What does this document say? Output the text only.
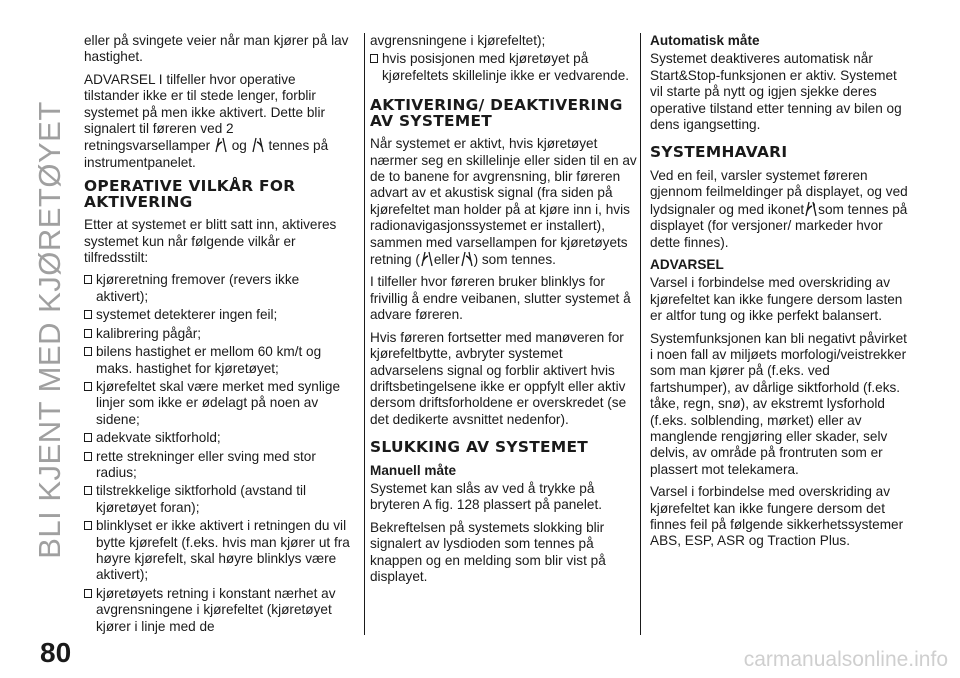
BLI KJENT MED KJØRETØYET
80

eller på svingete veier når man kjører på lav hastighet.

ADVARSEL I tilfeller hvor operative tilstander ikke er til stede lenger, forblir systemet på men ikke aktivert. Dette blir signalert til føreren ved 2 retningsvarsellamper og tennes på instrumentpanelet.

OPERATIVE VILKÅR FOR AKTIVERING

Etter at systemet er blitt satt inn, aktiveres systemet kun når følgende vilkår er tilfredsstilt:

kjøreretning fremover (revers ikke aktivert);
systemet detekterer ingen feil;
kalibrering pågår;
bilens hastighet er mellom 60 km/t og maks. hastighet for kjøretøyet;
kjørefeltet skal være merket med synlige linjer som ikke er ødelagt på noen av sidene;
adekvate siktforhold;
rette strekninger eller sving med stor radius;
tilstrekkelige siktforhold (avstand til kjøretøyet foran);
blinklyset er ikke aktivert i retningen du vil bytte kjørefelt (f.eks. hvis man kjører ut fra høyre kjørefelt, skal høyre blinklys være aktivert);
kjøretøyets retning i konstant nærhet av avgrensningene i kjørefeltet (kjøretøyet kjører i linje med de

avgrensningene i kjørefeltet);

hvis posisjonen med kjøretøyet på kjørefeltets skillelinje ikke er vedvarende.
AKTIVERING/ DEAKTIVERING AV SYSTEMET

Når systemet er aktivt, hvis kjøretøyet nærmer seg en skillelinje eller siden til en av de to banene for avgrensning, blir føreren advart av et akustisk signal (fra siden på kjørefeltet man holder på at kjøre inn i, hvis radionavigasjonssystemet er installert), sammen med varsellampen for kjøretøyets retning ( eller ) som tennes.

I tilfeller hvor føreren bruker blinklys for frivillig å endre veibanen, slutter systemet å advare føreren.

Hvis føreren fortsetter med manøveren for kjørefeltbytte, avbryter systemet advarselens signal og forblir aktivert hvis driftsbetingelsene ikke er oppfylt eller aktiv dersom driftsforholdene er overskredet (se det dedikerte avsnittet nedenfor).

SLUKKING AV SYSTEMET
Manuell måte

Systemet kan slås av ved å trykke på bryteren A fig. 128 plassert på panelet.

Bekreftelsen på systemets slokking blir signalert av lysdioden som tennes på knappen og en melding som blir vist på displayet.

Automatisk måte

Systemet deaktiveres automatisk når Start&Stop-funksjonen er aktiv. Systemet vil starte på nytt og igjen sjekke deres operative tilstand etter tenning av bilen og dens igangsetting.

SYSTEMHAVARI

Ved en feil, varsler systemet føreren gjennom feilmeldinger på displayet, og ved lydsignaler og med ikonet ! som tennes på displayet (for versjoner/ markeder hvor dette finnes).

ADVARSEL

Varsel i forbindelse med overskriding av kjørefeltet kan ikke fungere dersom lasten er altfor tung og ikke perfekt balansert.

Systemfunksjonen kan bli negativt påvirket i noen fall av miljøets morfologi/veistrekker som man kjører på (f.eks. ved fartshumper), av dårlige siktforhold (f.eks. tåke, regn, snø), av ekstremt lysforhold (f.eks. solblending, mørket) eller av manglende rengjøring eller skader, selv delvis, av område på frontruten som er plassert mot telekamera.

Varsel i forbindelse med overskriding av kjørefeltet kan ikke fungere dersom det finnes feil på følgende sikkerhetssystemer ABS, ESP, ASR og Traction Plus.

carmanualsonline.info
